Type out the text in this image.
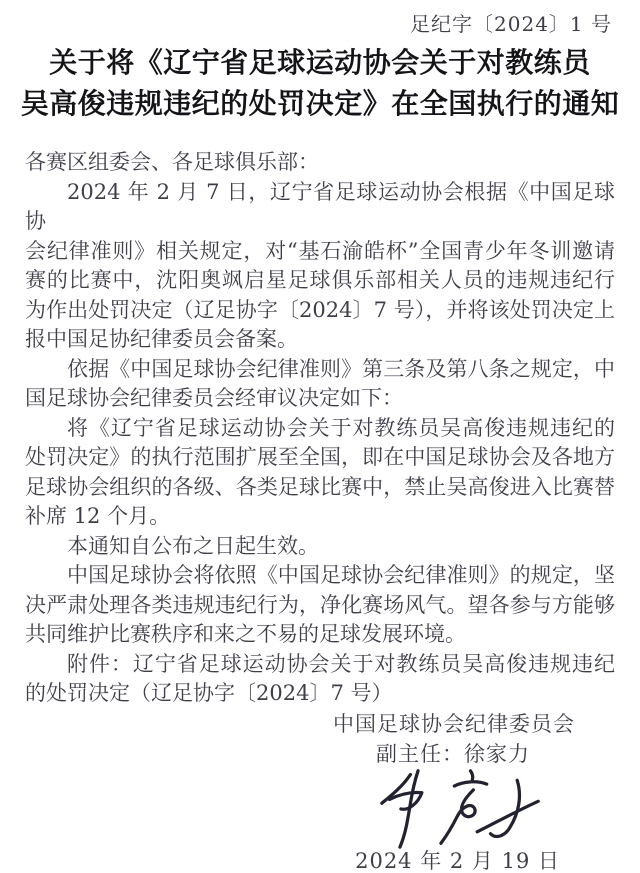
足纪字〔2024〕1 号
关于将《辽宁省足球运动协会关于对教练员
吴高俊违规违纪的处罚决定》在全国执行的通知
各赛区组委会、各足球俱乐部：
2024 年 2 月 7 日，辽宁省足球运动协会根据《中国足球协
会纪律准则》相关规定，对“基石渝皓杯”全国青少年冬训邀请
赛的比赛中，沈阳奥飒启星足球俱乐部相关人员的违规违纪行
为作出处罚决定（辽足协字〔2024〕7 号），并将该处罚决定上
报中国足协纪律委员会备案。
依据《中国足球协会纪律准则》第三条及第八条之规定，中
国足球协会纪律委员会经审议决定如下：
将《辽宁省足球运动协会关于对教练员吴高俊违规违纪的
处罚决定》的执行范围扩展至全国，即在中国足球协会及各地方
足球协会组织的各级、各类足球比赛中，禁止吴高俊进入比赛替
补席 12 个月。
本通知自公布之日起生效。
中国足球协会将依照《中国足球协会纪律准则》的规定，坚
决严肃处理各类违规违纪行为，净化赛场风气。望各参与方能够
共同维护比赛秩序和来之不易的足球发展环境。
附件：辽宁省足球运动协会关于对教练员吴高俊违规违纪
的处罚决定（辽足协字〔2024〕7 号）
中国足球协会纪律委员会
副主任：徐家力
2024 年 2 月 19 日
